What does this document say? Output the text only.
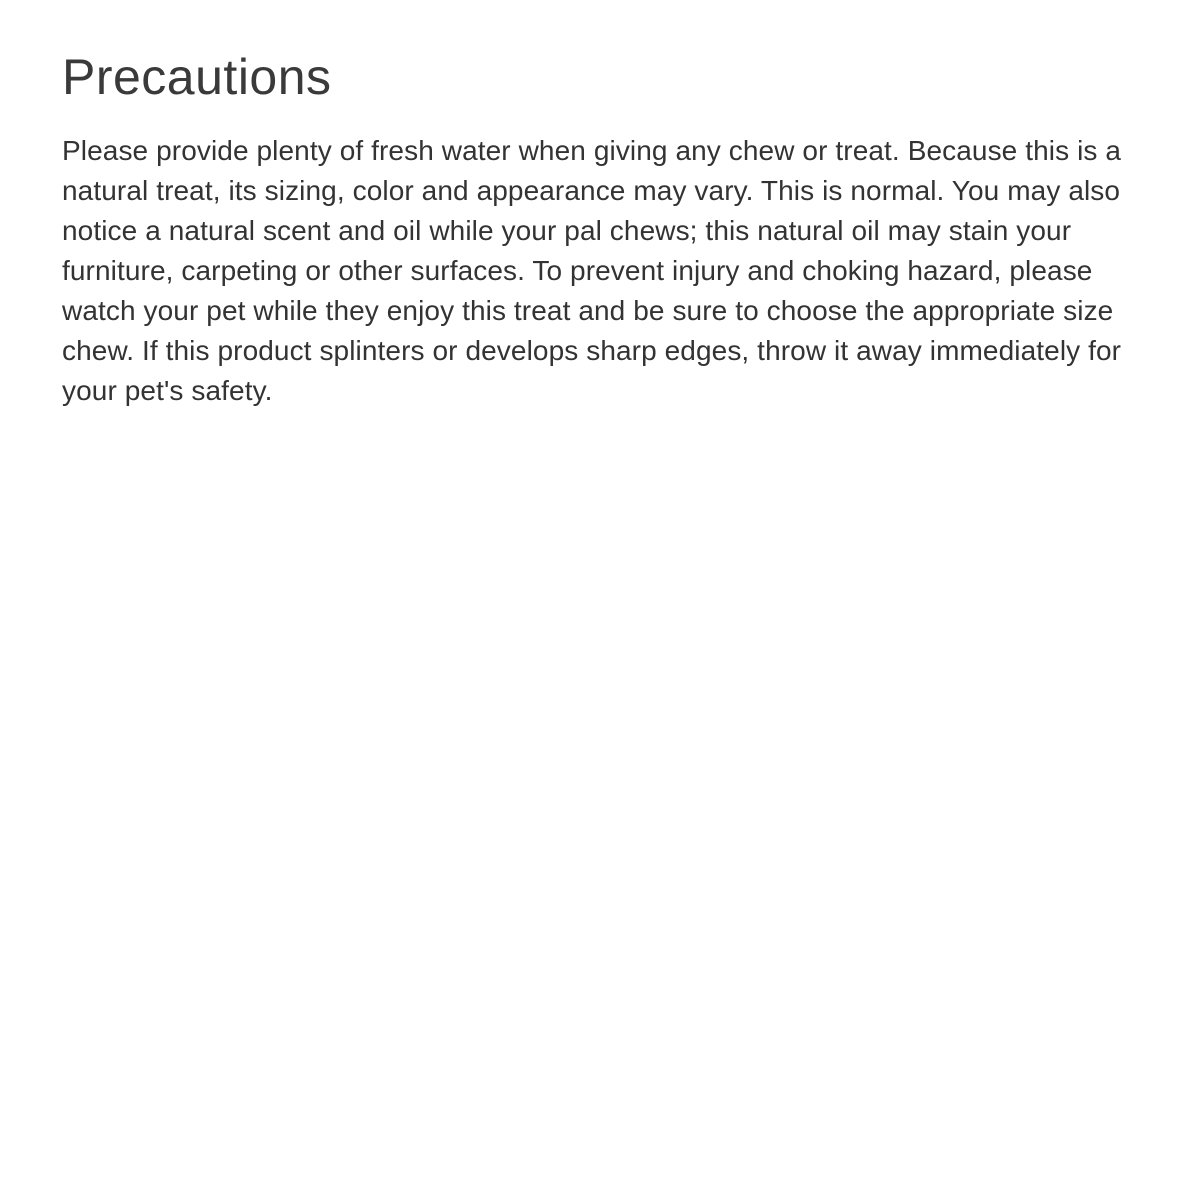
Precautions

Please provide plenty of fresh water when giving any chew or treat. Because this is a natural treat, its sizing, color and appearance may vary. This is normal. You may also notice a natural scent and oil while your pal chews; this natural oil may stain your furniture, carpeting or other surfaces. To prevent injury and choking hazard, please watch your pet while they enjoy this treat and be sure to choose the appropriate size chew. If this product splinters or develops sharp edges, throw it away immediately for your pet's safety.
